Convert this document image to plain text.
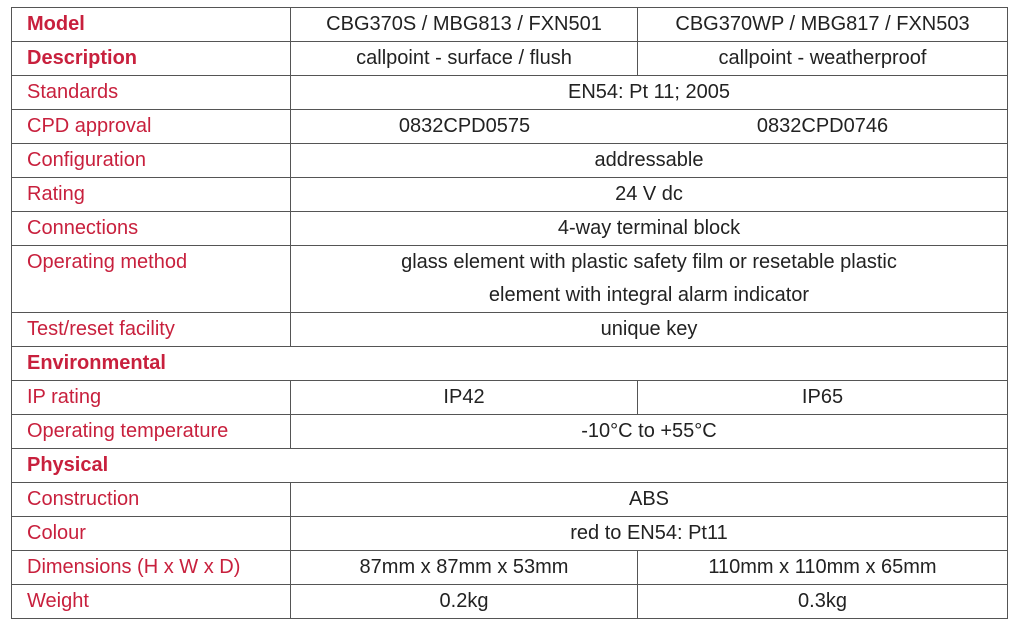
Model	CBG370S / MBG813 / FXN501	CBG370WP / MBG817 / FXN503
Description	callpoint - surface / flush	callpoint - weatherproof
Standards	EN54: Pt 11; 2005	
CPD approval	0832CPD0575 0832CPD0746	

Configuration	addressable	
Rating	24 V dc	
Connections	4-way terminal block	
Operating method	glass element with plastic safety film or resetable plastic
element with integral alarm indicator	

Test/reset facility	unique key	
Environmental		
IP rating	IP42	IP65
Operating temperature	-10°C to +55°C	
Physical		
Construction	ABS	
Colour	red to EN54: Pt11	
Dimensions (H x W x D)	87mm x 87mm x 53mm	110mm x 110mm x 65mm
Weight	0.2kg	0.3kg
